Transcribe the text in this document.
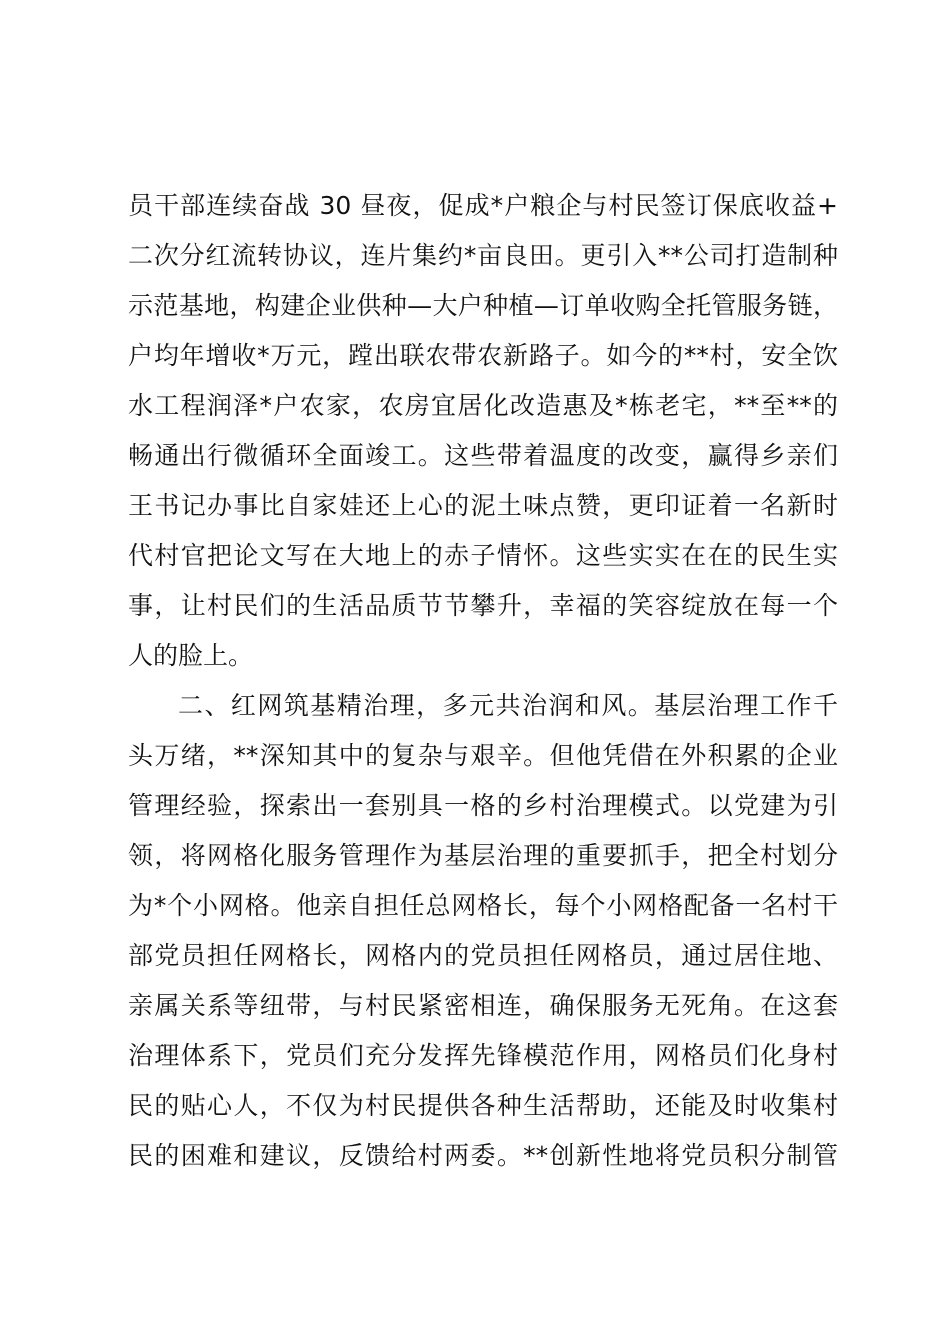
员干部连续奋战 30 昼夜，促成*户粮企与村民签订保底收益+
二次分红流转协议，连片集约*亩良田。更引入**公司打造制种
示范基地，构建企业供种—大户种植—订单收购全托管服务链，
户均年增收*万元，蹚出联农带农新路子。如今的**村，安全饮
水工程润泽*户农家，农房宜居化改造惠及*栋老宅，**至**的
畅通出行微循环全面竣工。这些带着温度的改变，赢得乡亲们
王书记办事比自家娃还上心的泥土味点赞，更印证着一名新时
代村官把论文写在大地上的赤子情怀。这些实实在在的民生实
事，让村民们的生活品质节节攀升，幸福的笑容绽放在每一个
人的脸上。
二、红网筑基精治理，多元共治润和风。基层治理工作千
头万绪，**深知其中的复杂与艰辛。但他凭借在外积累的企业
管理经验，探索出一套别具一格的乡村治理模式。以党建为引
领，将网格化服务管理作为基层治理的重要抓手，把全村划分
为*个小网格。他亲自担任总网格长，每个小网格配备一名村干
部党员担任网格长，网格内的党员担任网格员，通过居住地、
亲属关系等纽带，与村民紧密相连，确保服务无死角。在这套
治理体系下，党员们充分发挥先锋模范作用，网格员们化身村
民的贴心人，不仅为村民提供各种生活帮助，还能及时收集村
民的困难和建议，反馈给村两委。**创新性地将党员积分制管
